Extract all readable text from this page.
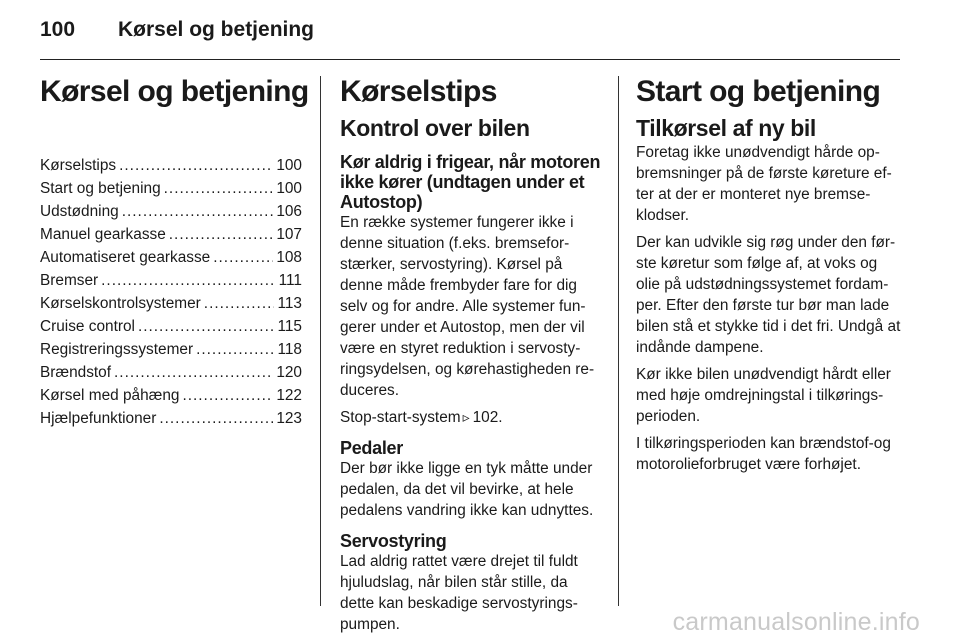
100 Kørsel og betjening
Kørsel og betjening
Kørselstips .....	100
Start og betjening .....	100
Udstødning .....	106
Manuel gearkasse .....	107
Automatiseret gearkasse .....	108
Bremser .....	111
Kørselskontrolsystemer .....	113
Cruise control .....	115
Registreringssystemer .....	118
Brændstof .....	120
Kørsel med påhæng .....	122
Hjælpefunktioner .....	123
Kørselstips
Kontrol over bilen
Kør aldrig i frigear, når motoren ikke kører (undtagen under et Autostop)

En række systemer fungerer ikke i denne situation (f.eks. bremsefor-stærker, servostyring). Kørsel på denne måde frembyder fare for dig selv og for andre. Alle systemer fun-gerer under et Autostop, men der vil være en styret reduktion i servosty-ringsydelsen, og kørehastigheden re-duceres.

Stop-start-system ▹ 102.

Pedaler

Der bør ikke ligge en tyk måtte under pedalen, da det vil bevirke, at hele pedalens vandring ikke kan udnyttes.

Servostyring

Lad aldrig rattet være drejet til fuldt hjuludslag, når bilen står stille, da dette kan beskadige servostyrings-pumpen.

Start og betjening
Tilkørsel af ny bil

Foretag ikke unødvendigt hårde op-bremsninger på de første køreture ef-ter at der er monteret nye bremse-klodser.

Der kan udvikle sig røg under den før-ste køretur som følge af, at voks og olie på udstødningssystemet fordam-per. Efter den første tur bør man lade bilen stå et stykke tid i det fri. Undgå at indånde dampene.

Kør ikke bilen unødvendigt hårdt eller med høje omdrejningstal i tilkørings-perioden.

I tilkøringsperioden kan brændstof-og motorolieforbruget være forhøjet.

carmanualsonline.info
